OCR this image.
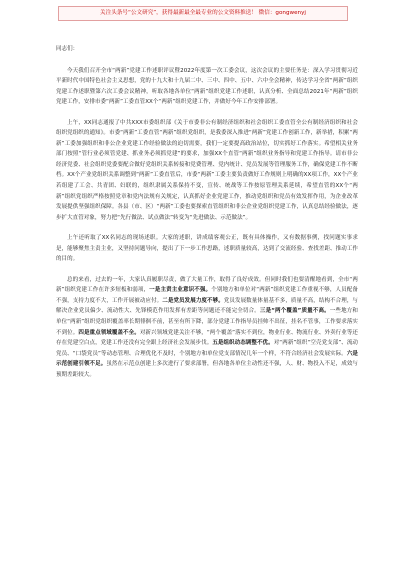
关注头条号“公文研究”，获得最新最全最专业的公文资料推送！ 微信：gongwenyj

同志们：

今天我们召开全市“两新”党建工作述职评议暨2022年度第一次工委会议，这次会议的主要任务是：深入学习贯彻习近平新时代中国特色社会主义思想，党的十九大和十九届二中、三中、四中、五中、六中全会精神，传达学习全省“两新”组织党建工作述职暨第六次工委会议精神，听取各地各单位“两新”组织党建工作述职，认真分析、全面总结2021年“两新”组织党建工作，安排市委“两新”工委直管XX个“两新”组织党建工作，并做好今年工作安排部署。

上午，XX同志通报了中共XXX市委组织部《关于市委非公有制经济组织和社会组织工委直管全公有制经济组织和社会组织党组织的通知》。市委“两新”工委直管“两新”组织党组织，是我委深入推进“两新”党建工作创新工作，新举措，积累“两新”工委加强组织和非公企业党建工作经验做法的迫切需要，我们一定要提高政治站位，切实抓好工作落实。希望相关业务部门按照“管行业必须管党建、抓业务必须抓党建”的要求，加强XX个直管“两新”组织业务指导和党建工作指导。请市非公经济党委、社会组织党委要配合做好党组织关系转接和党费管理、党内统计、党员发展等管理服务工作，确保党建工作不断档。XX个产业党组织关系调整到“两新”工委直管后，市委“两新”工委主要负责做好工作规则上明确的XX项工作，XX个产业若组建了工会、共青团、妇联的，组织隶属关系保持不变，宣传、统战等工作按原管理关系延续，希望直管的XX个“两新”组织党组织严格按照党章和党内法规有关规定，认真抓好企业党建工作，推动党组织和党员有效发挥作用，为企业改革发展提供坚强组织保障。各县（市、区）“两新”工委也要探索直管组织和非公企业党组织党建工作，认真总结经验做法，逐步扩大直管对象，努力把“先行做法、试点做法”转变为“先进做法、示范做法”。

上午还听取了XX名同志的现场述职。大家的述职，讲成绩客观公正，既有具体操作，又有数据事例，找问题实事求是，能够聚焦主责主业，又坚持问题导向，提出了下一步工作思路，述职质量较高，达到了交流经验、查找差距、推动工作的目的。

总的来看，过去的一年，大家认真履职尽责，做了大量工作，取得了良好成效。但同时我们也要清醒地看到，全市“两新”组织党建工作在许多短板和弱项，一是主责主业意识不强。个别地方和单位对“两新”组织党建工作重视不够，人员配备不强，支持力度不大，工作开展被动应付。二是党员发展力度不够。党员发展数量体量基不多，质量不高，结构不合理，与解决企业党员偏少、流动性大、先锋模范作用发挥有差距等问题还不能完全切合。三是“两个覆盖”质量不高。一些地方和单位“两新”组织党组织覆盖率长期徘徊不前，甚至有所下降，部分党建工作指导员挂帅不出征，挂名不管事，工作要求落实不到位。四是重点领域覆盖不全。对新兴领域党建关注不够，“两个覆盖”落实不到位，物业行业、物流行业、外卖行业等还存在党建空白点，党建工作还没有完全跟上经济社会发展步伐。五是组织动态调整不优。对“两新”组织“空壳党支部”、流动党员、“口袋党员”等动态管理、合理优化不及时，个别地方和单位党支部情况几年一个样，不符合经济社会发展实际。六是示范创建引领不足。虽然在示范点创建上多次进行了要求部署，但各地各单位主动性还不强，人、财、物投入不足，成效与预期差距较大。
